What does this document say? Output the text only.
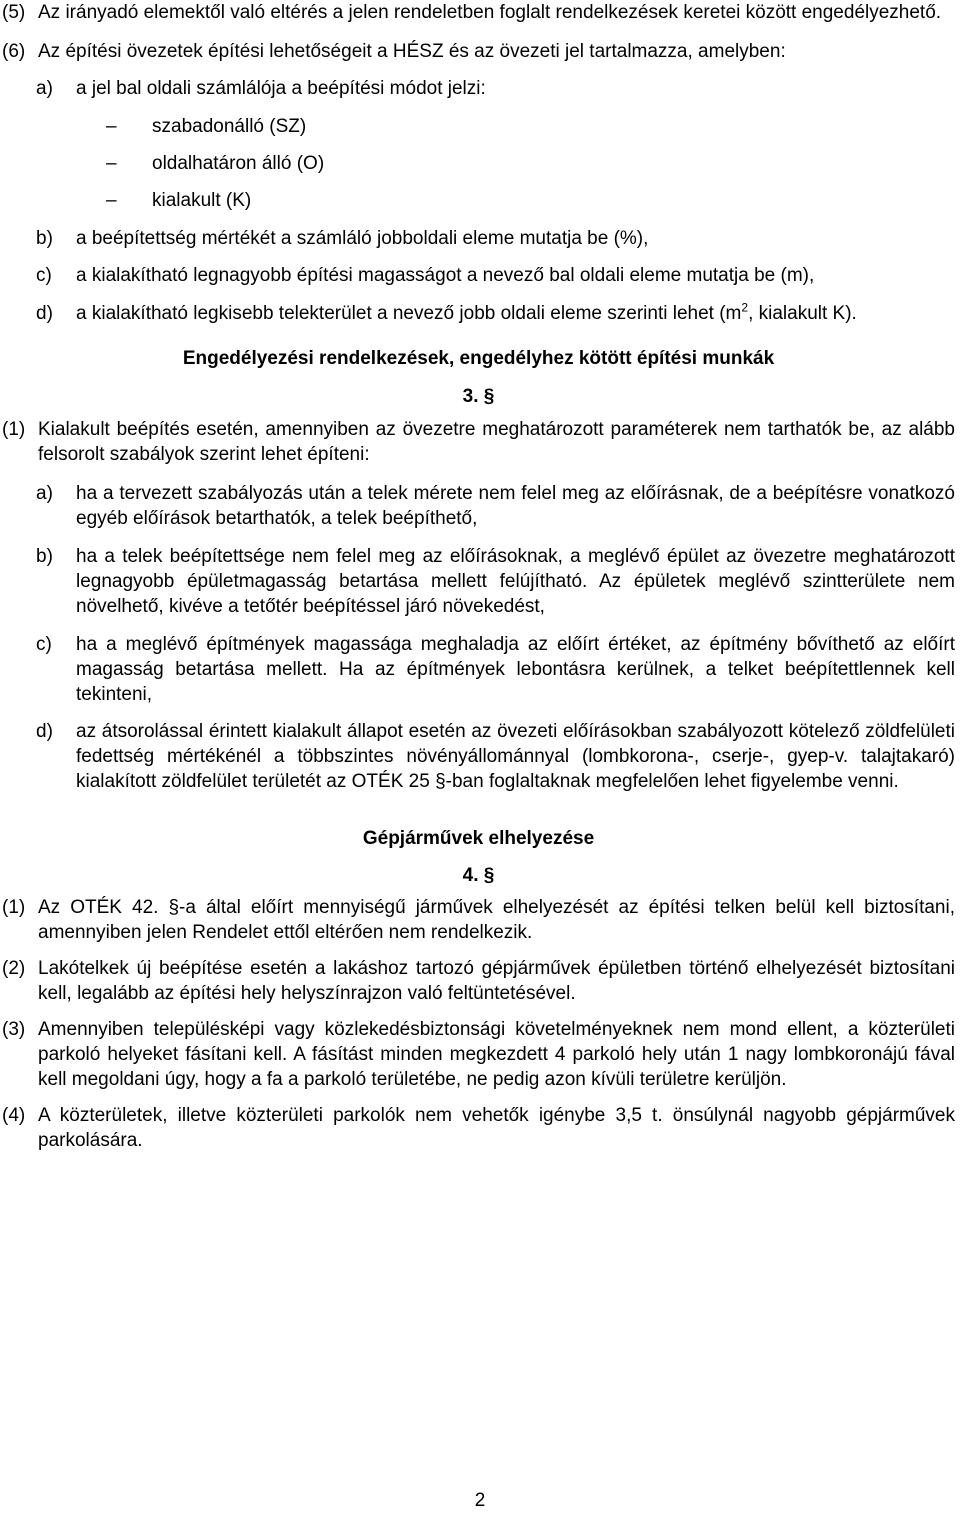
(5) Az irányadó elemektől való eltérés a jelen rendeletben foglalt rendelkezések keretei között engedélyezhető.
(6) Az építési övezetek építési lehetőségeit a HÉSZ és az övezeti jel tartalmazza, amelyben:
a) a jel bal oldali számlálója a beépítési módot jelzi:
– szabadonálló (SZ)
– oldalhatáron álló (O)
– kialakult (K)
b) a beépítettség mértékét a számláló jobboldali eleme mutatja be (%),
c) a kialakítható legnagyobb építési magasságot a nevező bal oldali eleme mutatja be (m),
d) a kialakítható legkisebb telekterület a nevező jobb oldali eleme szerinti lehet ($m^2$, kialakult K).
Engedélyezési rendelkezések, engedélyhez kötött építési munkák
3. §
(1) Kialakult beépítés esetén, amennyiben az övezetre meghatározott paraméterek nem tarthatók be, az alább felsorolt szabályok szerint lehet építeni:
a) ha a tervezett szabályozás után a telek mérete nem felel meg az előírásnak, de a beépítésre vonatkozó egyéb előírások betarthatók, a telek beépíthető,
b) ha a telek beépítettsége nem felel meg az előírásoknak, a meglévő épület az övezetre meghatározott legnagyobb épületmagasság betartása mellett felújítható. Az épületek meglévő szintterülete nem növelhető, kivéve a tetőtér beépítéssel járó növekedést,
c) ha a meglévő építmények magassága meghaladja az előírt értéket, az építmény bővíthető az előírt magasság betartása mellett. Ha az építmények lebontásra kerülnek, a telket beépítettlennek kell tekinteni,
d) az átsorolással érintett kialakult állapot esetén az övezeti előírásokban szabályozott kötelező zöldfelületi fedettség mértékénél a többszintes növényállománnyal (lombkorona-, cserje-, gyep-v. talajtakaró) kialakított zöldfelület területét az OTÉK 25 §-ban foglaltaknak megfelelően lehet figyelembe venni.
Gépjárművek elhelyezése
4. §
(1) Az OTÉK 42. §-a által előírt mennyiségű járművek elhelyezését az építési telken belül kell biztosítani, amennyiben jelen Rendelet ettől eltérően nem rendelkezik.
(2) Lakótelkek új beépítése esetén a lakáshoz tartozó gépjárművek épületben történő elhelyezését biztosítani kell, legalább az építési hely helyszínrajzon való feltüntetésével.
(3) Amennyiben településképi vagy közlekedésbiztonsági követelményeknek nem mond ellent, a közterületi parkoló helyeket fásítani kell. A fásítást minden megkezdett 4 parkoló hely után 1 nagy lombkoronájú fával kell megoldani úgy, hogy a fa a parkoló területébe, ne pedig azon kívüli területre kerüljön.
(4) A közterületek, illetve közterületi parkolók nem vehetők igénybe 3,5 t. önsúlynál nagyobb gépjárművek parkolására.
2
